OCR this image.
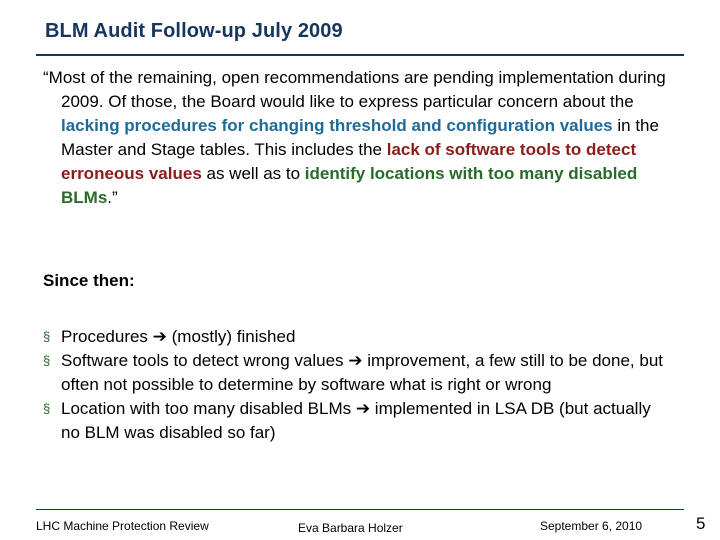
BLM Audit Follow-up July 2009
“Most of the remaining, open recommendations are pending implementation during 2009. Of those, the Board would like to express particular concern about the lacking procedures for changing threshold and configuration values in the Master and Stage tables. This includes the lack of software tools to detect erroneous values as well as to identify locations with too many disabled BLMs.”
Since then:
§ Procedures ➔ (mostly) finished
§ Software tools to detect wrong values ➔ improvement, a few still to be done, but often not possible to determine by software what is right or wrong
§ Location with too many disabled BLMs ➔ implemented in LSA DB (but actually no BLM was disabled so far)
LHC Machine Protection Review	Eva Barbara Holzer	September 6, 2010	5
